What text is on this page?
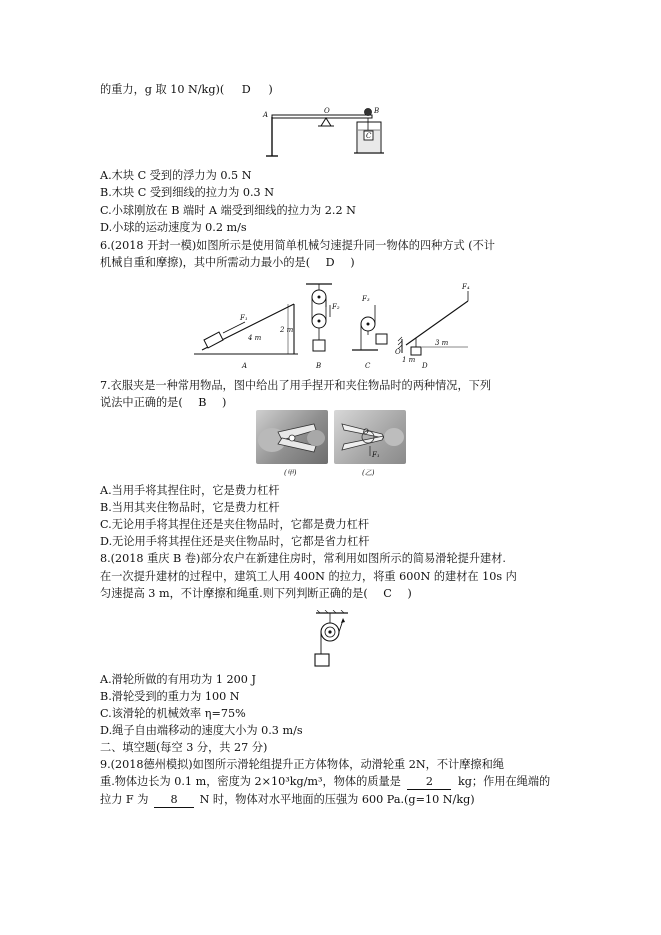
的重力，g 取 10 N/kg)( D )
A	O	B
C
A.木块 C 受到的浮力为 0.5 N
B.木块 C 受到细线的拉力为 0.3 N
C.小球刚放在 B 端时 A 端受到细线的拉力为 2.2 N
D.小球的运动速度为 0.2 m/s
6.(2018 开封一模)如图所示是使用简单机械匀速提升同一物体的四种方式 (不计
机械自重和摩擦)，其中所需动力最小的是( D )
F₁
4 m
2 m
A
F₂
B
F₃
C
F₄
O
1 m
3 m
D
7.衣服夹是一种常用物品，图中给出了用手捏开和夹住物品时的两种情况，下列
说法中正确的是( B )
O
F₁
(甲)	(乙)
A.当用手将其捏住时，它是费力杠杆
B.当用其夹住物品时，它是费力杠杆
C.无论用手将其捏住还是夹住物品时，它都是费力杠杆
D.无论用手将其捏住还是夹住物品时，它都是省力杠杆
8.(2018 重庆 B 卷)部分农户在新建住房时，常利用如图所示的简易滑轮提升建材.
在一次提升建材的过程中，建筑工人用 400N 的拉力，将重 600N 的建材在 10s 内
匀速提高 3 m，不计摩擦和绳重.则下列判断正确的是( C )
A.滑轮所做的有用功为 1 200 J
B.滑轮受到的重力为 100 N
C.该滑轮的机械效率 η=75%
D.绳子自由端移动的速度大小为 0.3 m/s
二、填空题(每空 3 分，共 27 分)
9.(2018德州模拟)如图所示滑轮组提升正方体物体，动滑轮重 2N，不计摩擦和绳
重.物体边长为 0.1 m，密度为 2×10³kg/m³，物体的质量是 2 kg；作用在绳端的
拉力 F 为 8 N 时，物体对水平地面的压强为 600 Pa.(g=10 N/kg)
